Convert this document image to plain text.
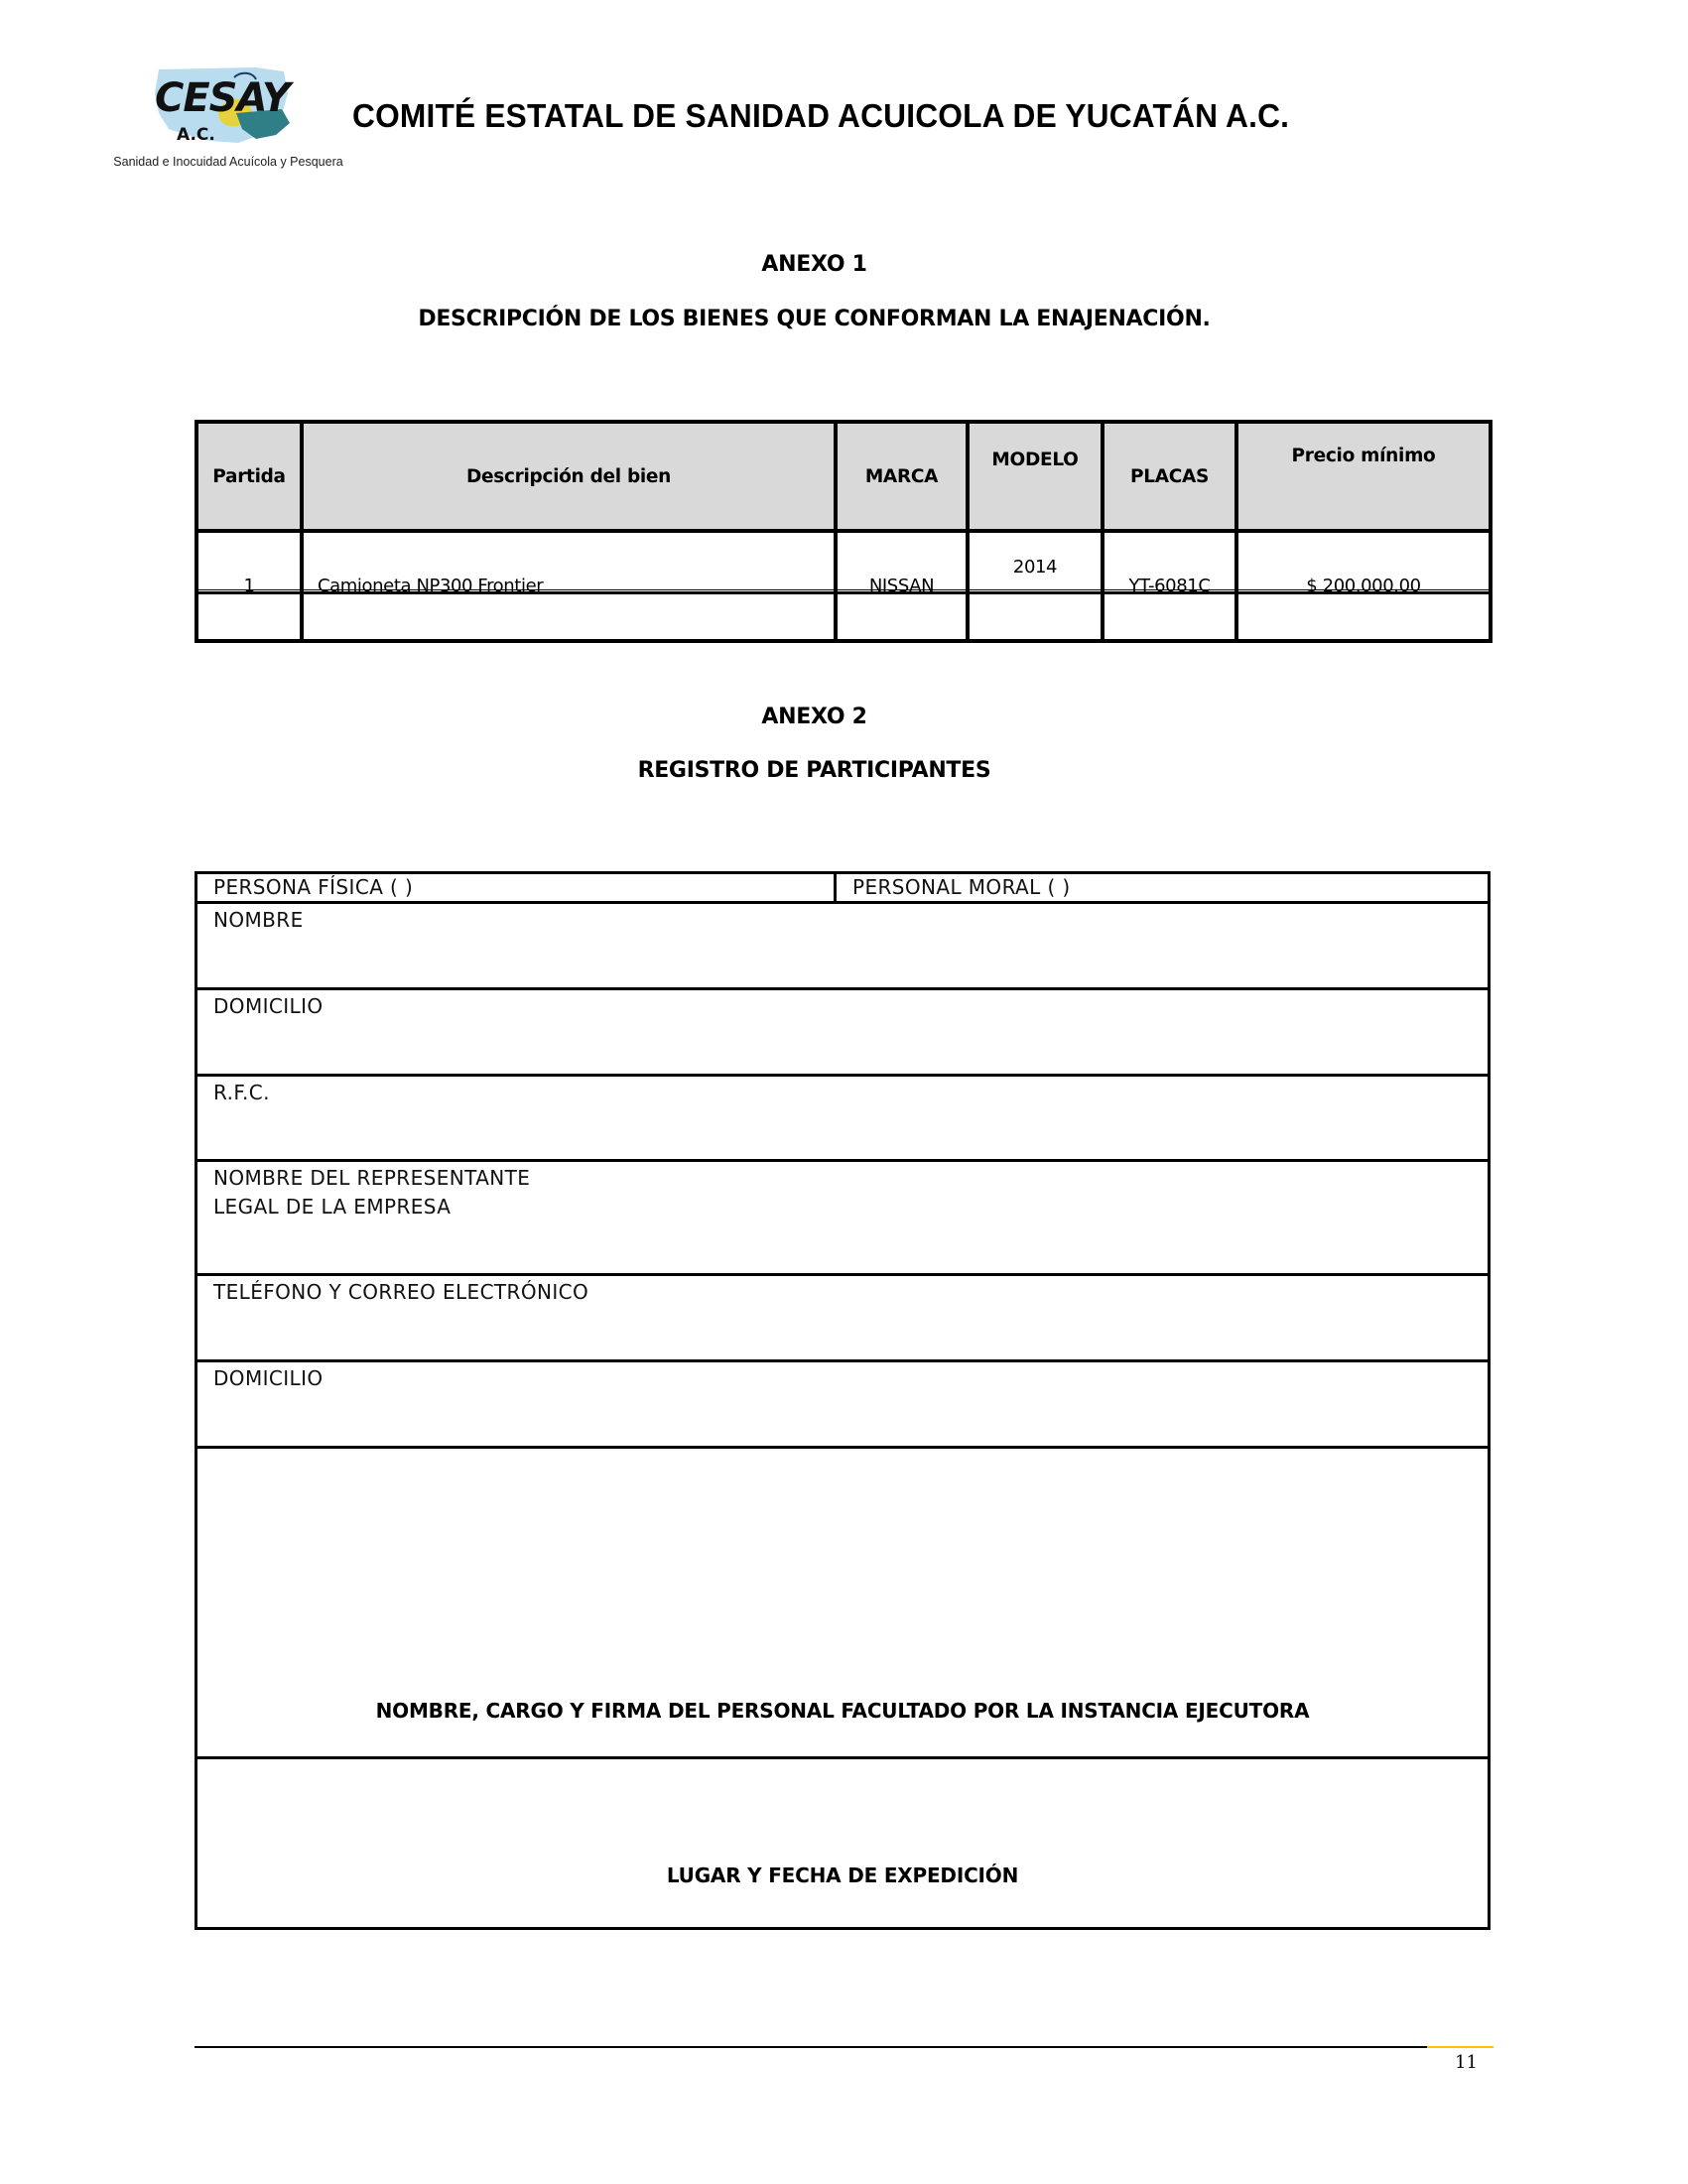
CESAY
A.C.
Sanidad e Inocuidad Acuícola y Pesquera
COMITÉ ESTATAL DE SANIDAD ACUICOLA DE YUCATÁN A.C.
ANEXO 1
DESCRIPCIÓN DE LOS BIENES QUE CONFORMAN LA ENAJENACIÓN.
Partida	Descripción del bien	MARCA	MODELO	PLACAS	Precio mínimo
1	Camioneta NP300 Frontier	NISSAN	2014	YT-6081C	$ 200,000.00
ANEXO 2
REGISTRO DE PARTICIPANTES
PERSONA FÍSICA ( )	PERSONAL MORAL ( )
NOMBRE
DOMICILIO
R.F.C.
NOMBRE DEL REPRESENTANTE
LEGAL DE LA EMPRESA
TELÉFONO Y CORREO ELECTRÓNICO
DOMICILIO
NOMBRE, CARGO Y FIRMA DEL PERSONAL FACULTADO POR LA INSTANCIA EJECUTORA
LUGAR Y FECHA DE EXPEDICIÓN
11
